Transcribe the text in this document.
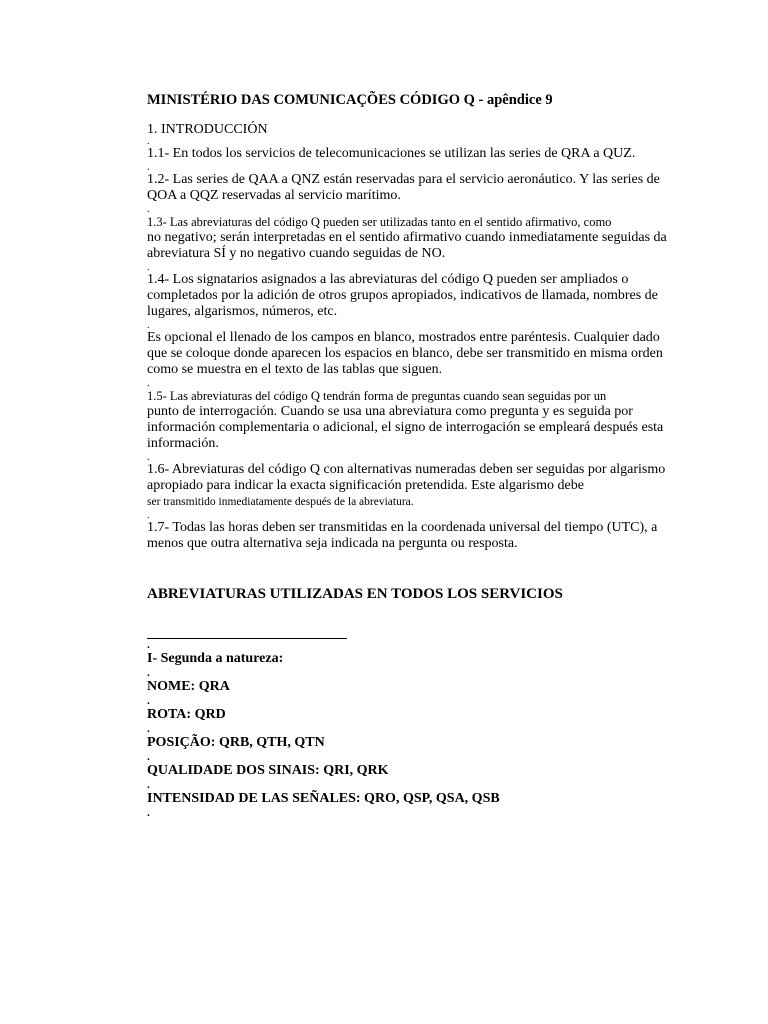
MINISTÉRIO DAS COMUNICAÇÕES CÓDIGO Q - apêndice 9
1. INTRODUCCIÓN
.
1.1- En todos los servicios de telecomunicaciones se utilizan las series de QRA a QUZ.
.
1.2- Las series de QAA a QNZ están reservadas para el servicio aeronáutico. Y las series de QOA a QQZ reservadas al servicio marítimo.
.
1.3- Las abreviaturas del código Q pueden ser utilizadas tanto en el sentido afirmativo, como
no negativo; serán interpretadas en el sentido afirmativo cuando inmediatamente seguidas da abreviatura SÍ y no negativo cuando seguidas de NO.
.
1.4- Los signatarios asignados a las abreviaturas del código Q pueden ser ampliados o completados por la adición de otros grupos apropiados, indicativos de llamada, nombres de lugares, algarismos, números, etc.
.
Es opcional el llenado de los campos en blanco, mostrados entre paréntesis. Cualquier dado que se coloque donde aparecen los espacios en blanco, debe ser transmitido en misma orden como se muestra en el texto de las tablas que siguen.
.
1.5- Las abreviaturas del código Q tendrán forma de preguntas cuando sean seguidas por un
punto de interrogación. Cuando se usa una abreviatura como pregunta y es seguida por información complementaria o adicional, el signo de interrogación se empleará después esta información.
.
1.6- Abreviaturas del código Q con alternativas numeradas deben ser seguidas por algarismo apropiado para indicar la exacta significación pretendida. Este algarismo debe
ser transmitido inmediatamente después de la abreviatura.
.
1.7- Todas las horas deben ser transmitidas en la coordenada universal del tiempo (UTC), a menos que outra alternativa seja indicada na pergunta ou resposta.
ABREVIATURAS UTILIZADAS EN TODOS LOS SERVICIOS
.
I- Segunda a natureza:
.
NOME: QRA
.
ROTA: QRD
.
POSIÇÃO: QRB, QTH, QTN
.
QUALIDADE DOS SINAIS: QRI, QRK
.
INTENSIDAD DE LAS SEÑALES: QRO, QSP, QSA, QSB
.
